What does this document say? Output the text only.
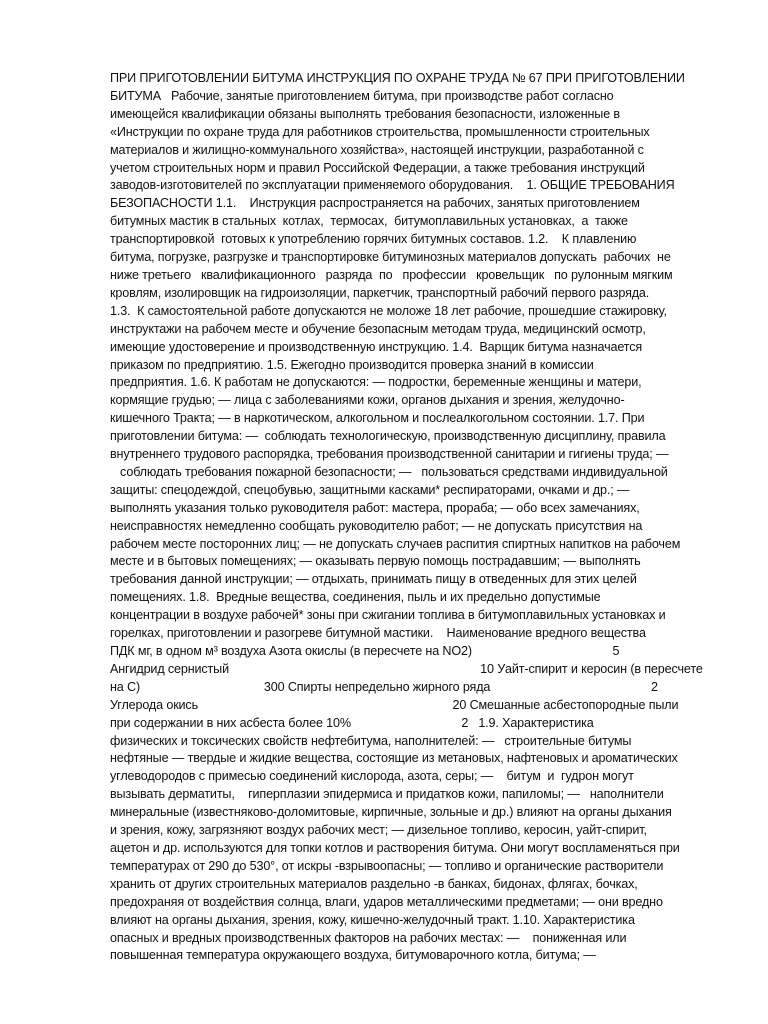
ПРИ ПРИГОТОВЛЕНИИ БИТУМА ИНСТРУКЦИЯ ПО ОХРАНЕ ТРУДА № 67 ПРИ ПРИГОТОВЛЕНИИ
БИТУМА   Рабочие, занятые приготовлением битума, при производстве работ согласно
имеющейся квалификации обязаны выполнять требования безопасности, изложенные в
«Инструкции по охране труда для работников строительства, промышленности строительных
материалов и жилищно-коммунального хозяйства», настоящей инструкции, разработанной с
учетом строительных норм и правил Российской Федерации, а также требования инструкций
заводов-изготовителей по эксплуатации применяемого оборудования.    1. ОБЩИЕ ТРЕБОВАНИЯ
БЕЗОПАСНОСТИ 1.1.    Инструкция распространяется на рабочих, занятых приготовлением
битумных мастик в стальных  котлах,  термосах,  битумоплавильных установках,  а  также
транспортировкой  готовых к употреблению горячих битумных составов. 1.2.    К плавлению
битума, погрузке, разгрузке и транспортировке битуминозных материалов допускать  рабочих  не
ниже третьего   квалификационного   разряда  по   профессии   кровельщик   по рулонным мягким
кровлям, изолировщик на гидроизоляции, паркетчик, транспортный рабочий первого разряда.
1.3.  К самостоятельной работе допускаются не моложе 18 лет рабочие, прошедшие стажировку,
инструктажи на рабочем месте и обучение безопасным методам труда, медицинский осмотр,
имеющие удостоверение и производственную инструкцию. 1.4.  Варщик битума назначается
приказом по предприятию. 1.5. Ежегодно производится проверка знаний в комиссии
предприятия. 1.6. К работам не допускаются: — подростки, беременные женщины и матери,
кормящие грудью; — лица с заболеваниями кожи, органов дыхания и зрения, желудочно-
кишечного Тракта; — в наркотическом, алкогольном и послеалкогольном состоянии. 1.7. При
приготовлении битума: —  соблюдать технологическую, производственную дисциплину, правила
внутреннего трудового распорядка, требования производственной санитарии и гигиены труда; —
соблюдать требования пожарной безопасности; —   пользоваться средствами индивидуальной
защиты: спецодеждой, спецобувью, защитными касками* респираторами, очками и др.; —
выполнять указания только руководителя работ: мастера, прораба; — обо всех замечаниях,
неисправностях немедленно сообщать руководителю работ; — не допускать присутствия на
рабочем месте посторонних лиц; — не допускать случаев распития спиртных напитков на рабочем
месте и в бытовых помещениях; — оказывать первую помощь пострадавшим; — выполнять
требования данной инструкции; — отдыхать, принимать пищу в отведенных для этих целей
помещениях. 1.8.  Вредные вещества, соединения, пыль и их предельно допустимые
концентрации в воздухе рабочей* зоны при сжигании топлива в битумоплавильных установках и
горелках, приготовлении и разогреве битумной мастики.    Наименование вредного вещества
ПДК мг, в одном м³ воздуха Азота окислы (в пересчете на NO2)                                          5
Ангидрид сернистый                                                                           10 Уайт-спирит и керосин (в пересчете
на С)                                     300 Спирты непредельно жирного ряда                                                2
Углерода окись                                                                            20 Смешанные асбестопородные пыли
при содержании в них асбеста более 10%                                 2   1.9. Характеристика
физических и токсических свойств нефтебитума, наполнителей: —   строительные битумы
нефтяные — твердые и жидкие вещества, состоящие из метановых, нафтеновых и ароматических
углеводородов с примесью соединений кислорода, азота, серы; —    битум  и  гудрон могут
вызывать дерматиты,    гиперплазии эпидермиса и придатков кожи, папиломы; —   наполнители
минеральные (известняково-доломитовые, кирпичные, зольные и др.) влияют на органы дыхания
и зрения, кожу, загрязняют воздух рабочих мест; — дизельное топливо, керосин, уайт-спирит,
ацетон и др. используются для топки котлов и растворения битума. Они могут воспламеняться при
температурах от 290 до 530°, от искры -взрывоопасны; — топливо и органические растворители
хранить от других строительных материалов раздельно -в банках, бидонах, флягах, бочках,
предохраняя от воздействия солнца, влаги, ударов металлическими предметами; — они вредно
влияют на органы дыхания, зрения, кожу, кишечно-желудочный тракт. 1.10. Характеристика
опасных и вредных производственных факторов на рабочих местах: —    пониженная или
повышенная температура окружающего воздуха, битумоварочного котла, битума; —
